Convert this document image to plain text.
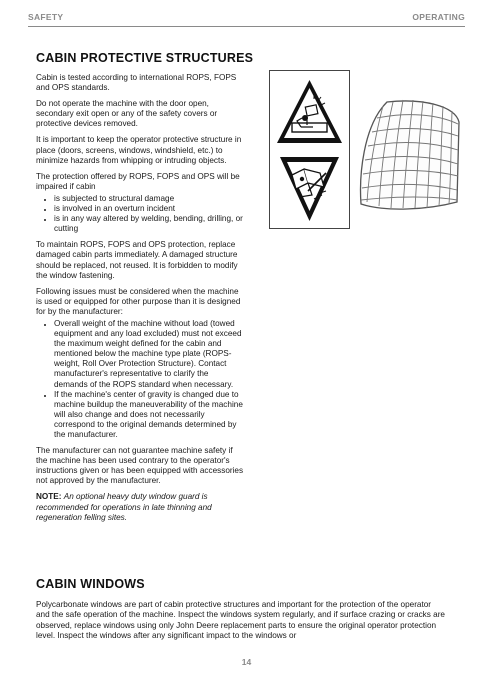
SAFETY	OPERATING
CABIN PROTECTIVE STRUCTURES

Cabin is tested according to international ROPS, FOPS and OPS standards.

Do not operate the machine with the door open, secondary exit open or any of the safety covers or protective devices removed.

It is important to keep the operator protective structure in place (doors, screens, windows, windshield, etc.) to minimize hazards from whipping or intruding objects.

The protection offered by ROPS, FOPS and OPS will be impaired if cabin

• is subjected to structural damage
• is involved in an overturn incident
• is in any way altered by welding, bending, drilling, or cutting

To maintain ROPS, FOPS and OPS protection, replace damaged cabin parts immediately. A damaged structure should be replaced, not reused. It is forbidden to modify the window fastening.

Following issues must be considered when the machine is used or equipped for other purpose than it is designed for by the manufacturer:

• Overall weight of the machine without load (towed equipment and any load excluded) must not exceed the maximum weight defined for the cabin and mentioned below the machine type plate (ROPS-weight, Roll Over Protection Structure). Contact manufacturer's representative to clarify the demands of the ROPS standard when necessary.
• If the machine's center of gravity is changed due to machine buildup the maneuverability of the machine will also change and does not necessarily correspond to the original demands determined by the manufacturer.

The manufacturer can not guarantee machine safety if the machine has been used contrary to the operator's instructions given or has been equipped with accessories not approved by the manufacturer.

NOTE: An optional heavy duty window guard is recommended for operations in late thinning and regeneration felling sites.

CABIN WINDOWS

Polycarbonate windows are part of cabin protective structures and important for the protection of the operator and the safe operation of the machine. Inspect the windows system regularly, and if surface crazing or cracks are observed, replace windows using only John Deere replacement parts to ensure the original operator protection level. Inspect the windows after any significant impact to the windows or

14
